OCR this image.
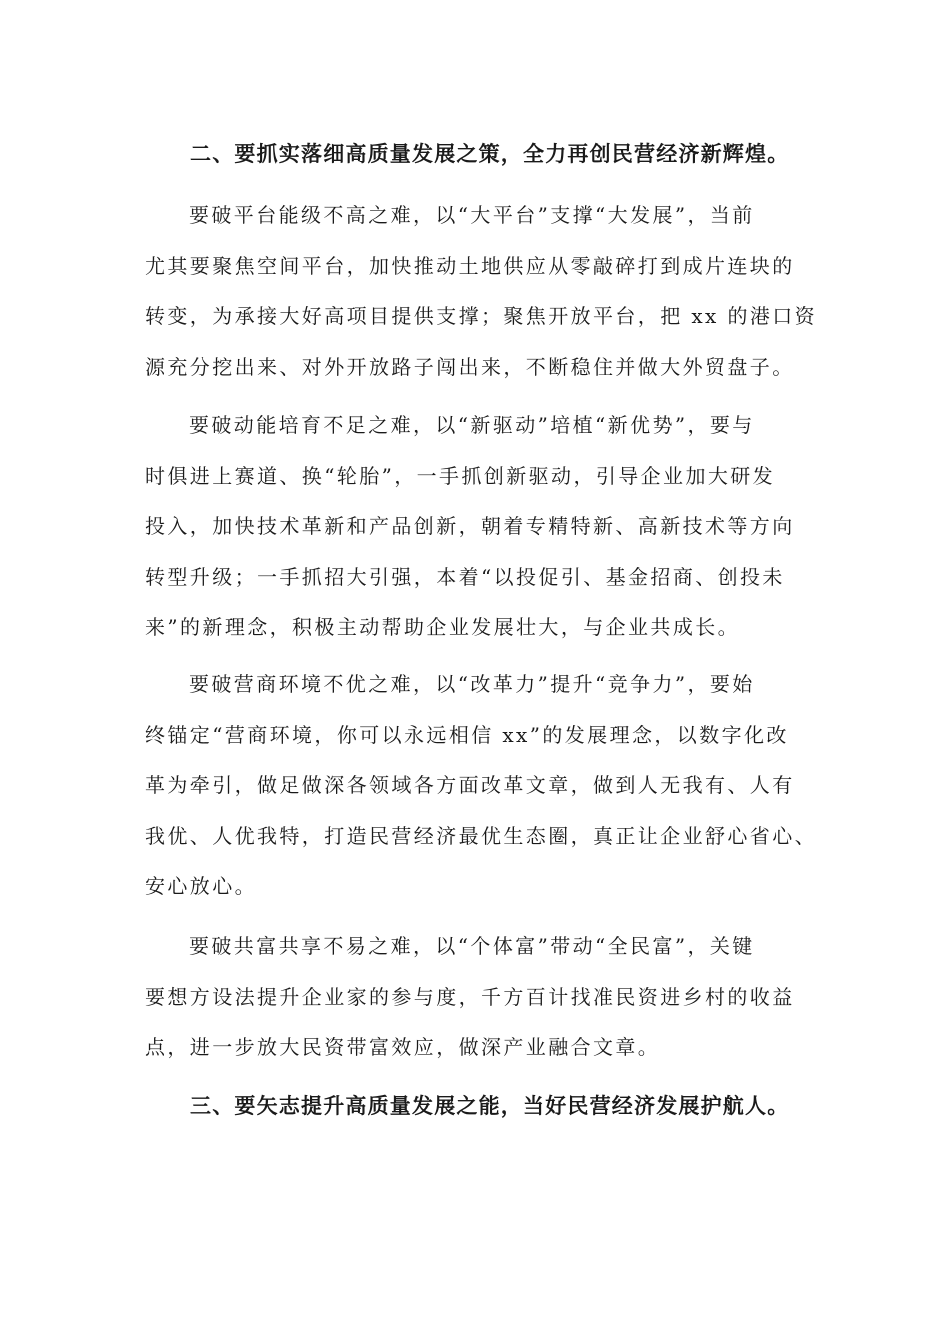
二、要抓实落细高质量发展之策，全力再创民营经济新辉煌。
要破平台能级不高之难，以“大平台”支撑“大发展”，当前
尤其要聚焦空间平台，加快推动土地供应从零敲碎打到成片连块的
转变，为承接大好高项目提供支撑；聚焦开放平台，把 xx 的港口资
源充分挖出来、对外开放路子闯出来，不断稳住并做大外贸盘子。
要破动能培育不足之难，以“新驱动”培植“新优势”，要与
时俱进上赛道、换“轮胎”，一手抓创新驱动，引导企业加大研发
投入，加快技术革新和产品创新，朝着专精特新、高新技术等方向
转型升级；一手抓招大引强，本着“以投促引、基金招商、创投未
来”的新理念，积极主动帮助企业发展壮大，与企业共成长。
要破营商环境不优之难，以“改革力”提升“竞争力”，要始
终锚定“营商环境，你可以永远相信 xx”的发展理念，以数字化改
革为牵引，做足做深各领域各方面改革文章，做到人无我有、人有
我优、人优我特，打造民营经济最优生态圈，真正让企业舒心省心、
安心放心。
要破共富共享不易之难，以“个体富”带动“全民富”，关键
要想方设法提升企业家的参与度，千方百计找准民资进乡村的收益
点，进一步放大民资带富效应，做深产业融合文章。
三、要矢志提升高质量发展之能，当好民营经济发展护航人。
